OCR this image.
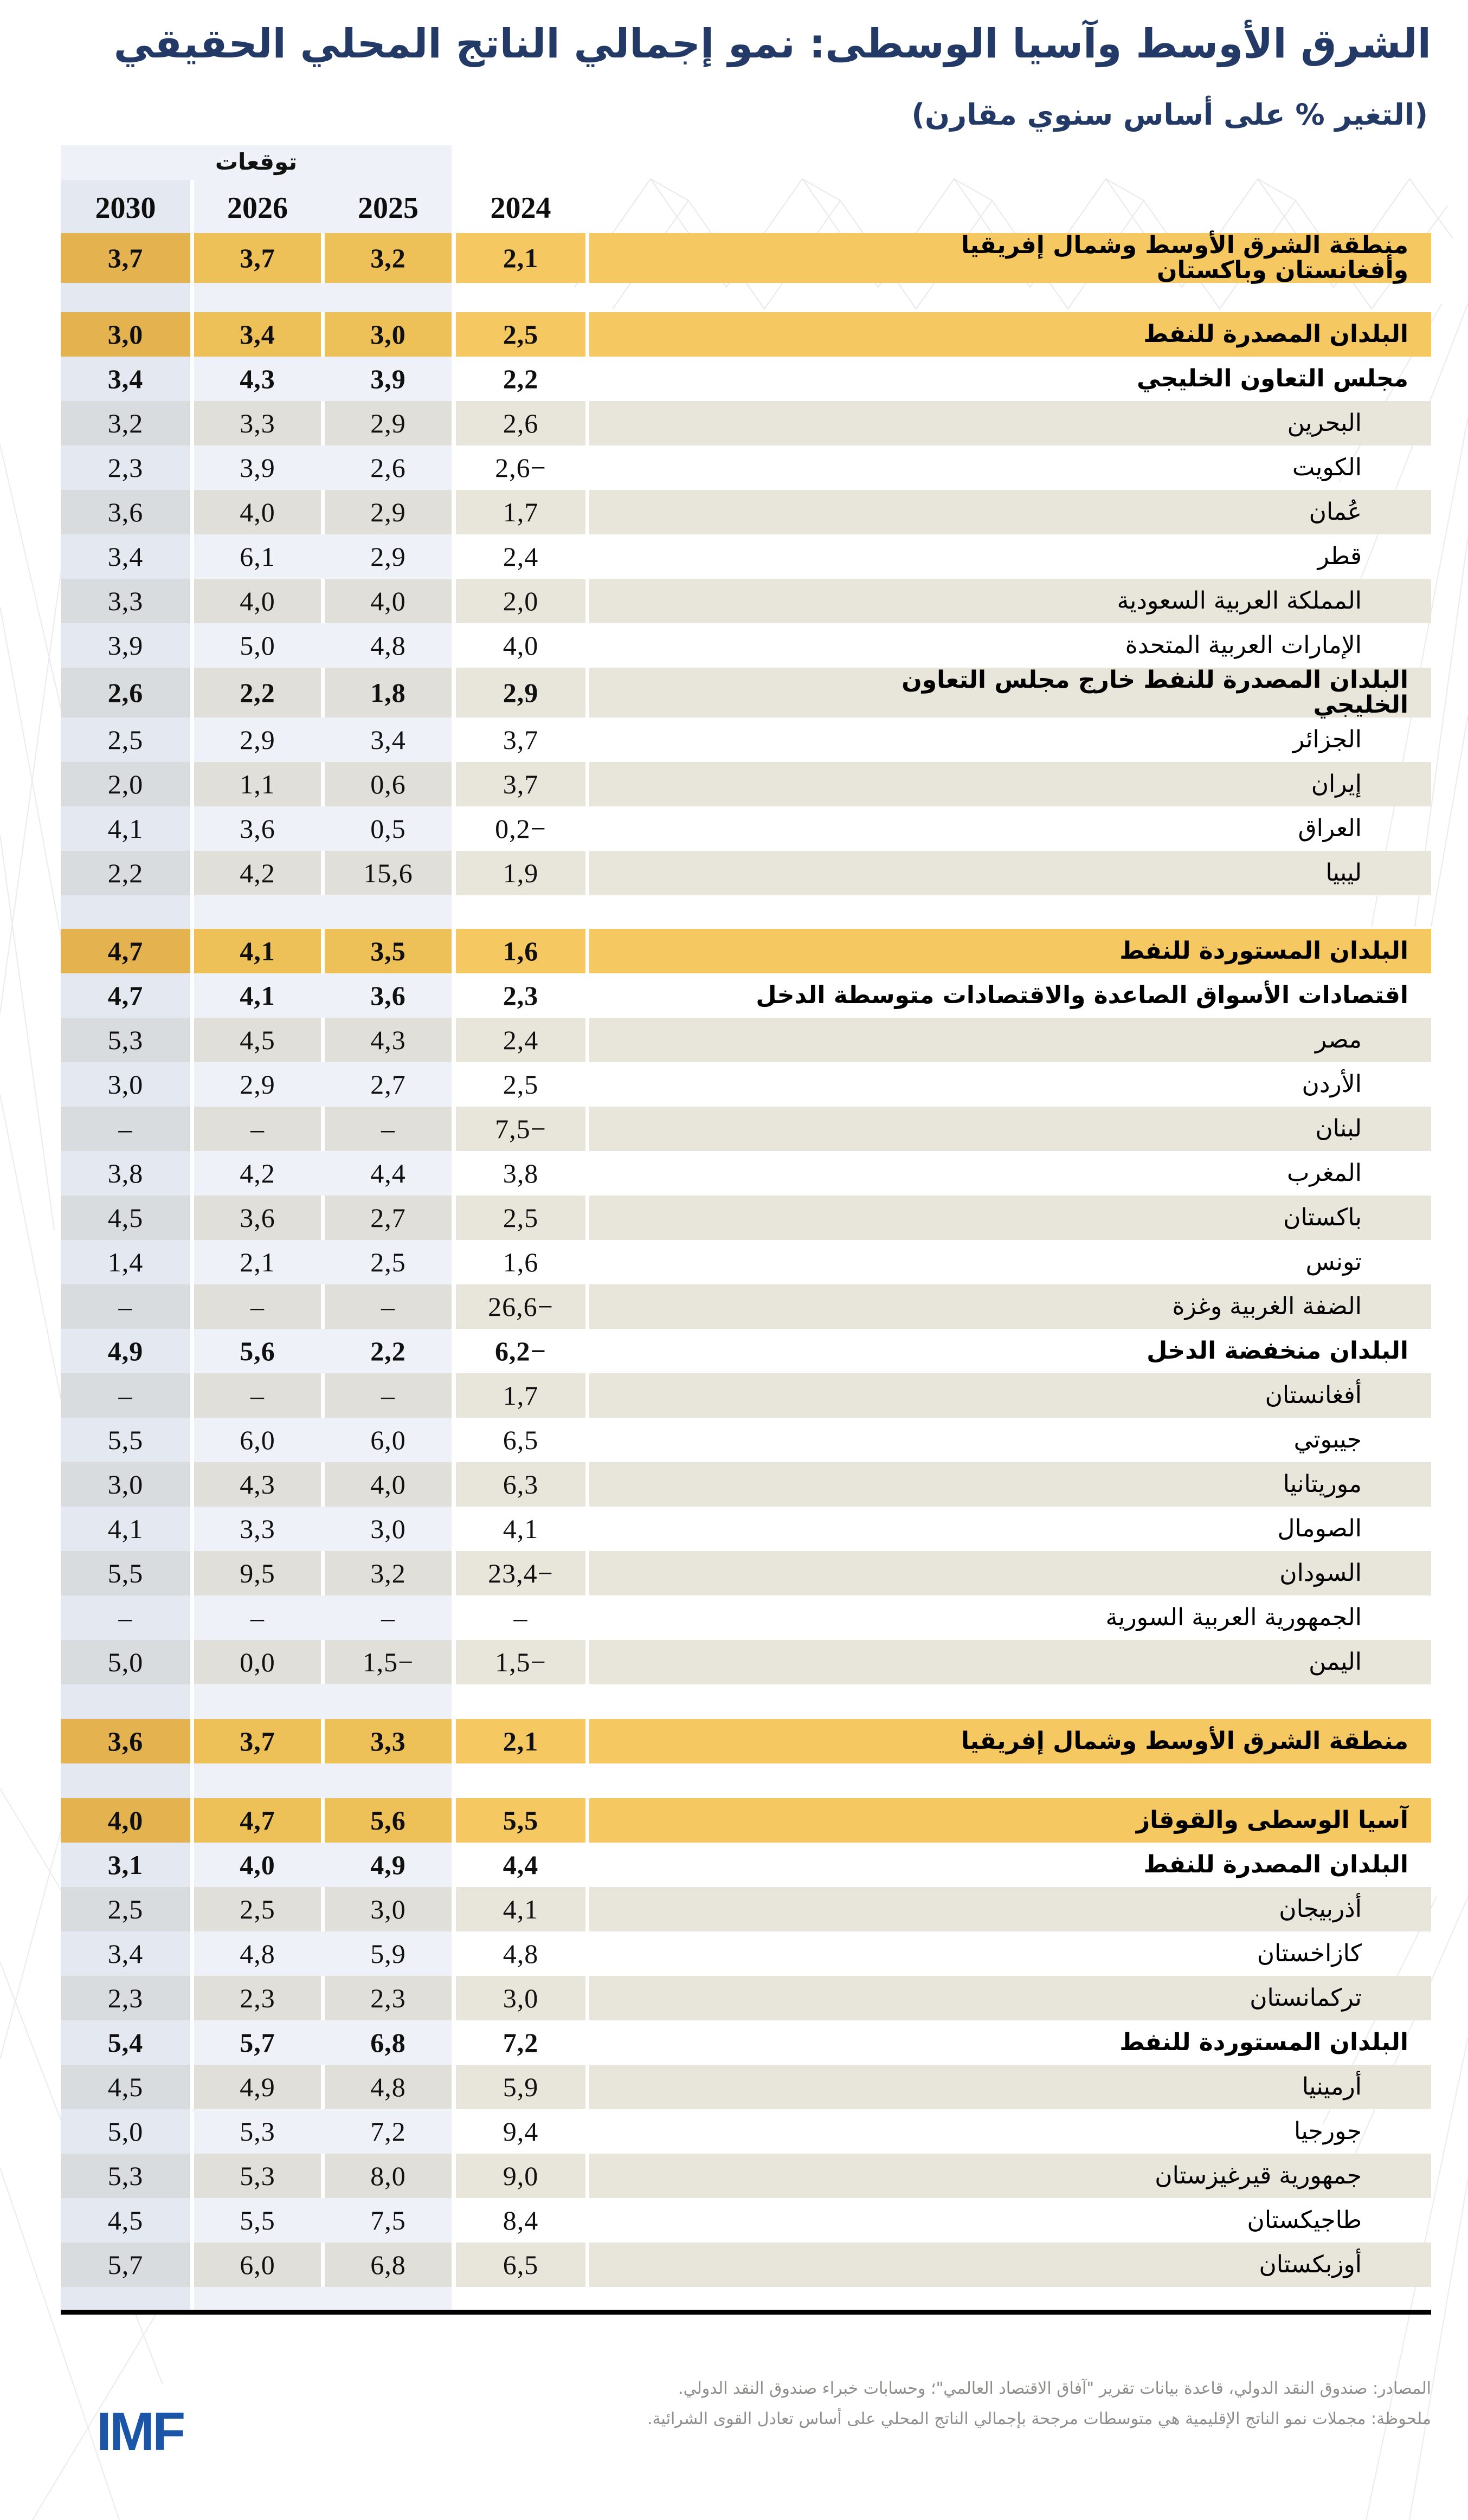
الشرق الأوسط وآسيا الوسطى: نمو إجمالي الناتج المحلي الحقيقي
(التغير % على أساس سنوي مقارن)
توقعات
2030	2026	2025	2024
3,7	3,7	3,2	2,1	منطقة الشرق الأوسط وشمال إفريقيا وأفغانستان وباكستان
3,0	3,4	3,0	2,5	البلدان المصدرة للنفط
3,4	4,3	3,9	2,2	مجلس التعاون الخليجي
3,2	3,3	2,9	2,6	البحرين
2,3	3,9	2,6	2,6−	الكويت
3,6	4,0	2,9	1,7	عُمان
3,4	6,1	2,9	2,4	قطر
3,3	4,0	4,0	2,0	المملكة العربية السعودية
3,9	5,0	4,8	4,0	الإمارات العربية المتحدة
2,6	2,2	1,8	2,9	البلدان المصدرة للنفط خارج مجلس التعاون الخليجي
2,5	2,9	3,4	3,7	الجزائر
2,0	1,1	0,6	3,7	إيران
4,1	3,6	0,5	0,2−	العراق
2,2	4,2	15,6	1,9	ليبيا
4,7	4,1	3,5	1,6	البلدان المستوردة للنفط
4,7	4,1	3,6	2,3	اقتصادات الأسواق الصاعدة والاقتصادات متوسطة الدخل
5,3	4,5	4,3	2,4	مصر
3,0	2,9	2,7	2,5	الأردن
–	–	–	7,5−	لبنان
3,8	4,2	4,4	3,8	المغرب
4,5	3,6	2,7	2,5	باكستان
1,4	2,1	2,5	1,6	تونس
–	–	–	26,6−	الضفة الغربية وغزة
4,9	5,6	2,2	6,2−	البلدان منخفضة الدخل
–	–	–	1,7	أفغانستان
5,5	6,0	6,0	6,5	جيبوتي
3,0	4,3	4,0	6,3	موريتانيا
4,1	3,3	3,0	4,1	الصومال
5,5	9,5	3,2	23,4−	السودان
–	–	–	–	الجمهورية العربية السورية
5,0	0,0	1,5−	1,5−	اليمن
3,6	3,7	3,3	2,1	منطقة الشرق الأوسط وشمال إفريقيا
4,0	4,7	5,6	5,5	آسيا الوسطى والقوقاز
3,1	4,0	4,9	4,4	البلدان المصدرة للنفط
2,5	2,5	3,0	4,1	أذربيجان
3,4	4,8	5,9	4,8	كازاخستان
2,3	2,3	2,3	3,0	تركمانستان
5,4	5,7	6,8	7,2	البلدان المستوردة للنفط
4,5	4,9	4,8	5,9	أرمينيا
5,0	5,3	7,2	9,4	جورجيا
5,3	5,3	8,0	9,0	جمهورية قيرغيزستان
4,5	5,5	7,5	8,4	طاجيكستان
5,7	6,0	6,8	6,5	أوزبكستان
المصادر: صندوق النقد الدولي، قاعدة بيانات تقرير "آفاق الاقتصاد العالمي"؛ وحسابات خبراء صندوق النقد الدولي.
ملحوظة: مجملات نمو الناتج الإقليمية هي متوسطات مرجحة بإجمالي الناتج المحلي على أساس تعادل القوى الشرائية.
IMF
